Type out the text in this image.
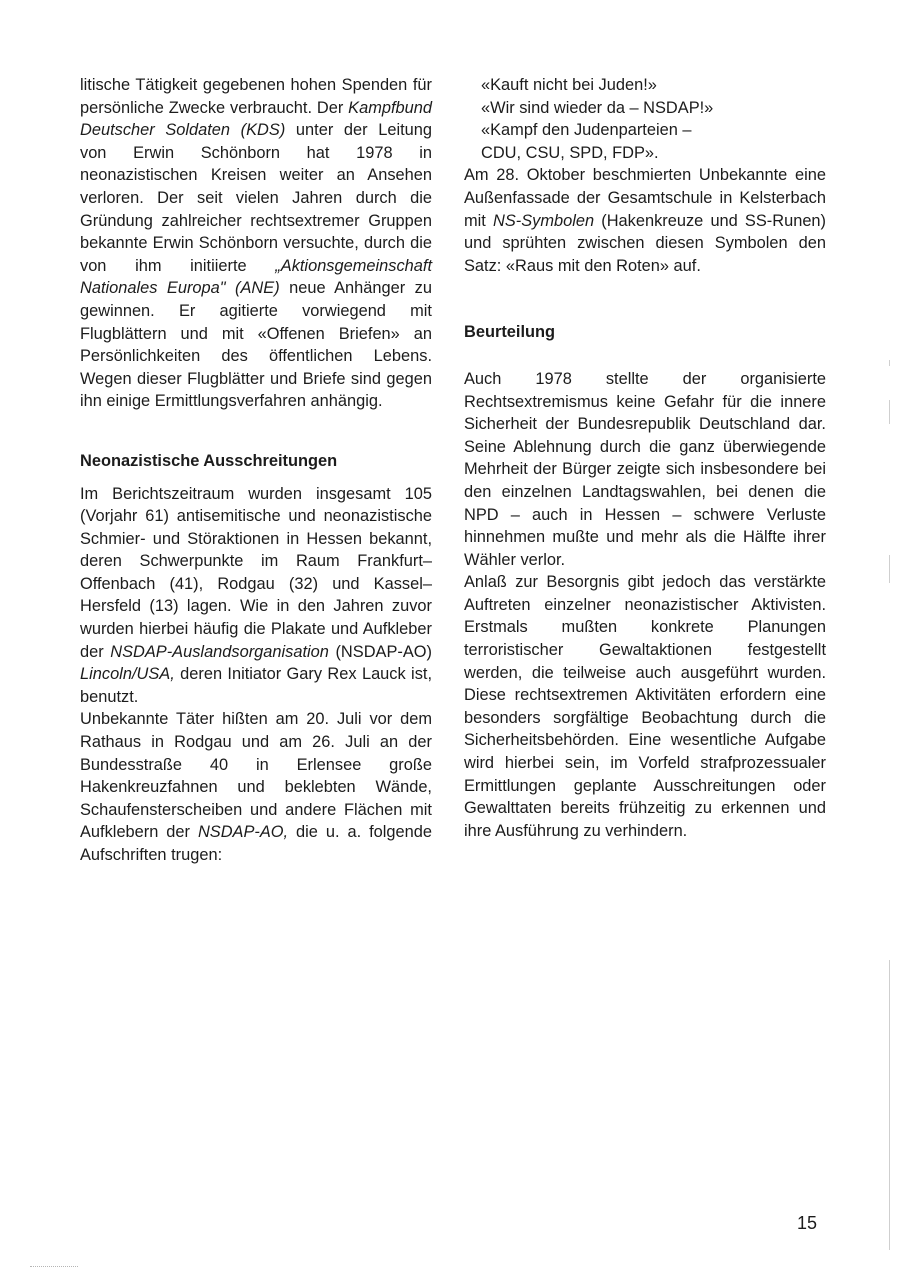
litische Tätigkeit gegebenen hohen Spenden für persönliche Zwecke verbraucht. Der Kampfbund Deutscher Soldaten (KDS) unter der Leitung von Erwin Schönborn hat 1978 in neonazistischen Kreisen weiter an Ansehen verloren. Der seit vielen Jahren durch die Gründung zahlreicher rechtsextremer Gruppen bekannte Erwin Schönborn versuchte, durch die von ihm initiierte „Aktionsgemeinschaft Nationales Europa" (ANE) neue Anhänger zu gewinnen. Er agitierte vorwiegend mit Flugblättern und mit «Offenen Briefen» an Persönlichkeiten des öffentlichen Lebens. Wegen dieser Flugblätter und Briefe sind gegen ihn einige Ermittlungsverfahren anhängig.

Neonazistische Ausschreitungen

Im Berichtszeitraum wurden insgesamt 105 (Vorjahr 61) antisemitische und neonazistische Schmier- und Störaktionen in Hessen bekannt, deren Schwerpunkte im Raum Frankfurt–Offenbach (41), Rodgau (32) und Kassel–Hersfeld (13) lagen. Wie in den Jahren zuvor wurden hierbei häufig die Plakate und Aufkleber der NSDAP-Auslandsorganisation (NSDAP-AO) Lincoln/USA, deren Initiator Gary Rex Lauck ist, benutzt.

Unbekannte Täter hißten am 20. Juli vor dem Rathaus in Rodgau und am 26. Juli an der Bundesstraße 40 in Erlensee große Hakenkreuzfahnen und beklebten Wände, Schaufensterscheiben und andere Flächen mit Aufklebern der NSDAP-AO, die u. a. folgende Aufschriften trugen:

«Kauft nicht bei Juden!»
«Wir sind wieder da – NSDAP!»
«Kampf den Judenparteien –
CDU, CSU, SPD, FDP».

Am 28. Oktober beschmierten Unbekannte eine Außenfassade der Gesamtschule in Kelsterbach mit NS-Symbolen (Hakenkreuze und SS-Runen) und sprühten zwischen diesen Symbolen den Satz: «Raus mit den Roten» auf.

Beurteilung

Auch 1978 stellte der organisierte Rechtsextremismus keine Gefahr für die innere Sicherheit der Bundesrepublik Deutschland dar. Seine Ablehnung durch die ganz überwiegende Mehrheit der Bürger zeigte sich insbesondere bei den einzelnen Landtagswahlen, bei denen die NPD – auch in Hessen – schwere Verluste hinnehmen mußte und mehr als die Hälfte ihrer Wähler verlor.

Anlaß zur Besorgnis gibt jedoch das verstärkte Auftreten einzelner neonazistischer Aktivisten. Erstmals mußten konkrete Planungen terroristischer Gewaltaktionen festgestellt werden, die teilweise auch ausgeführt wurden. Diese rechtsextremen Aktivitäten erfordern eine besonders sorgfältige Beobachtung durch die Sicherheitsbehörden. Eine wesentliche Aufgabe wird hierbei sein, im Vorfeld strafprozessualer Ermittlungen geplante Ausschreitungen oder Gewalttaten bereits frühzeitig zu erkennen und ihre Ausführung zu verhindern.

15
